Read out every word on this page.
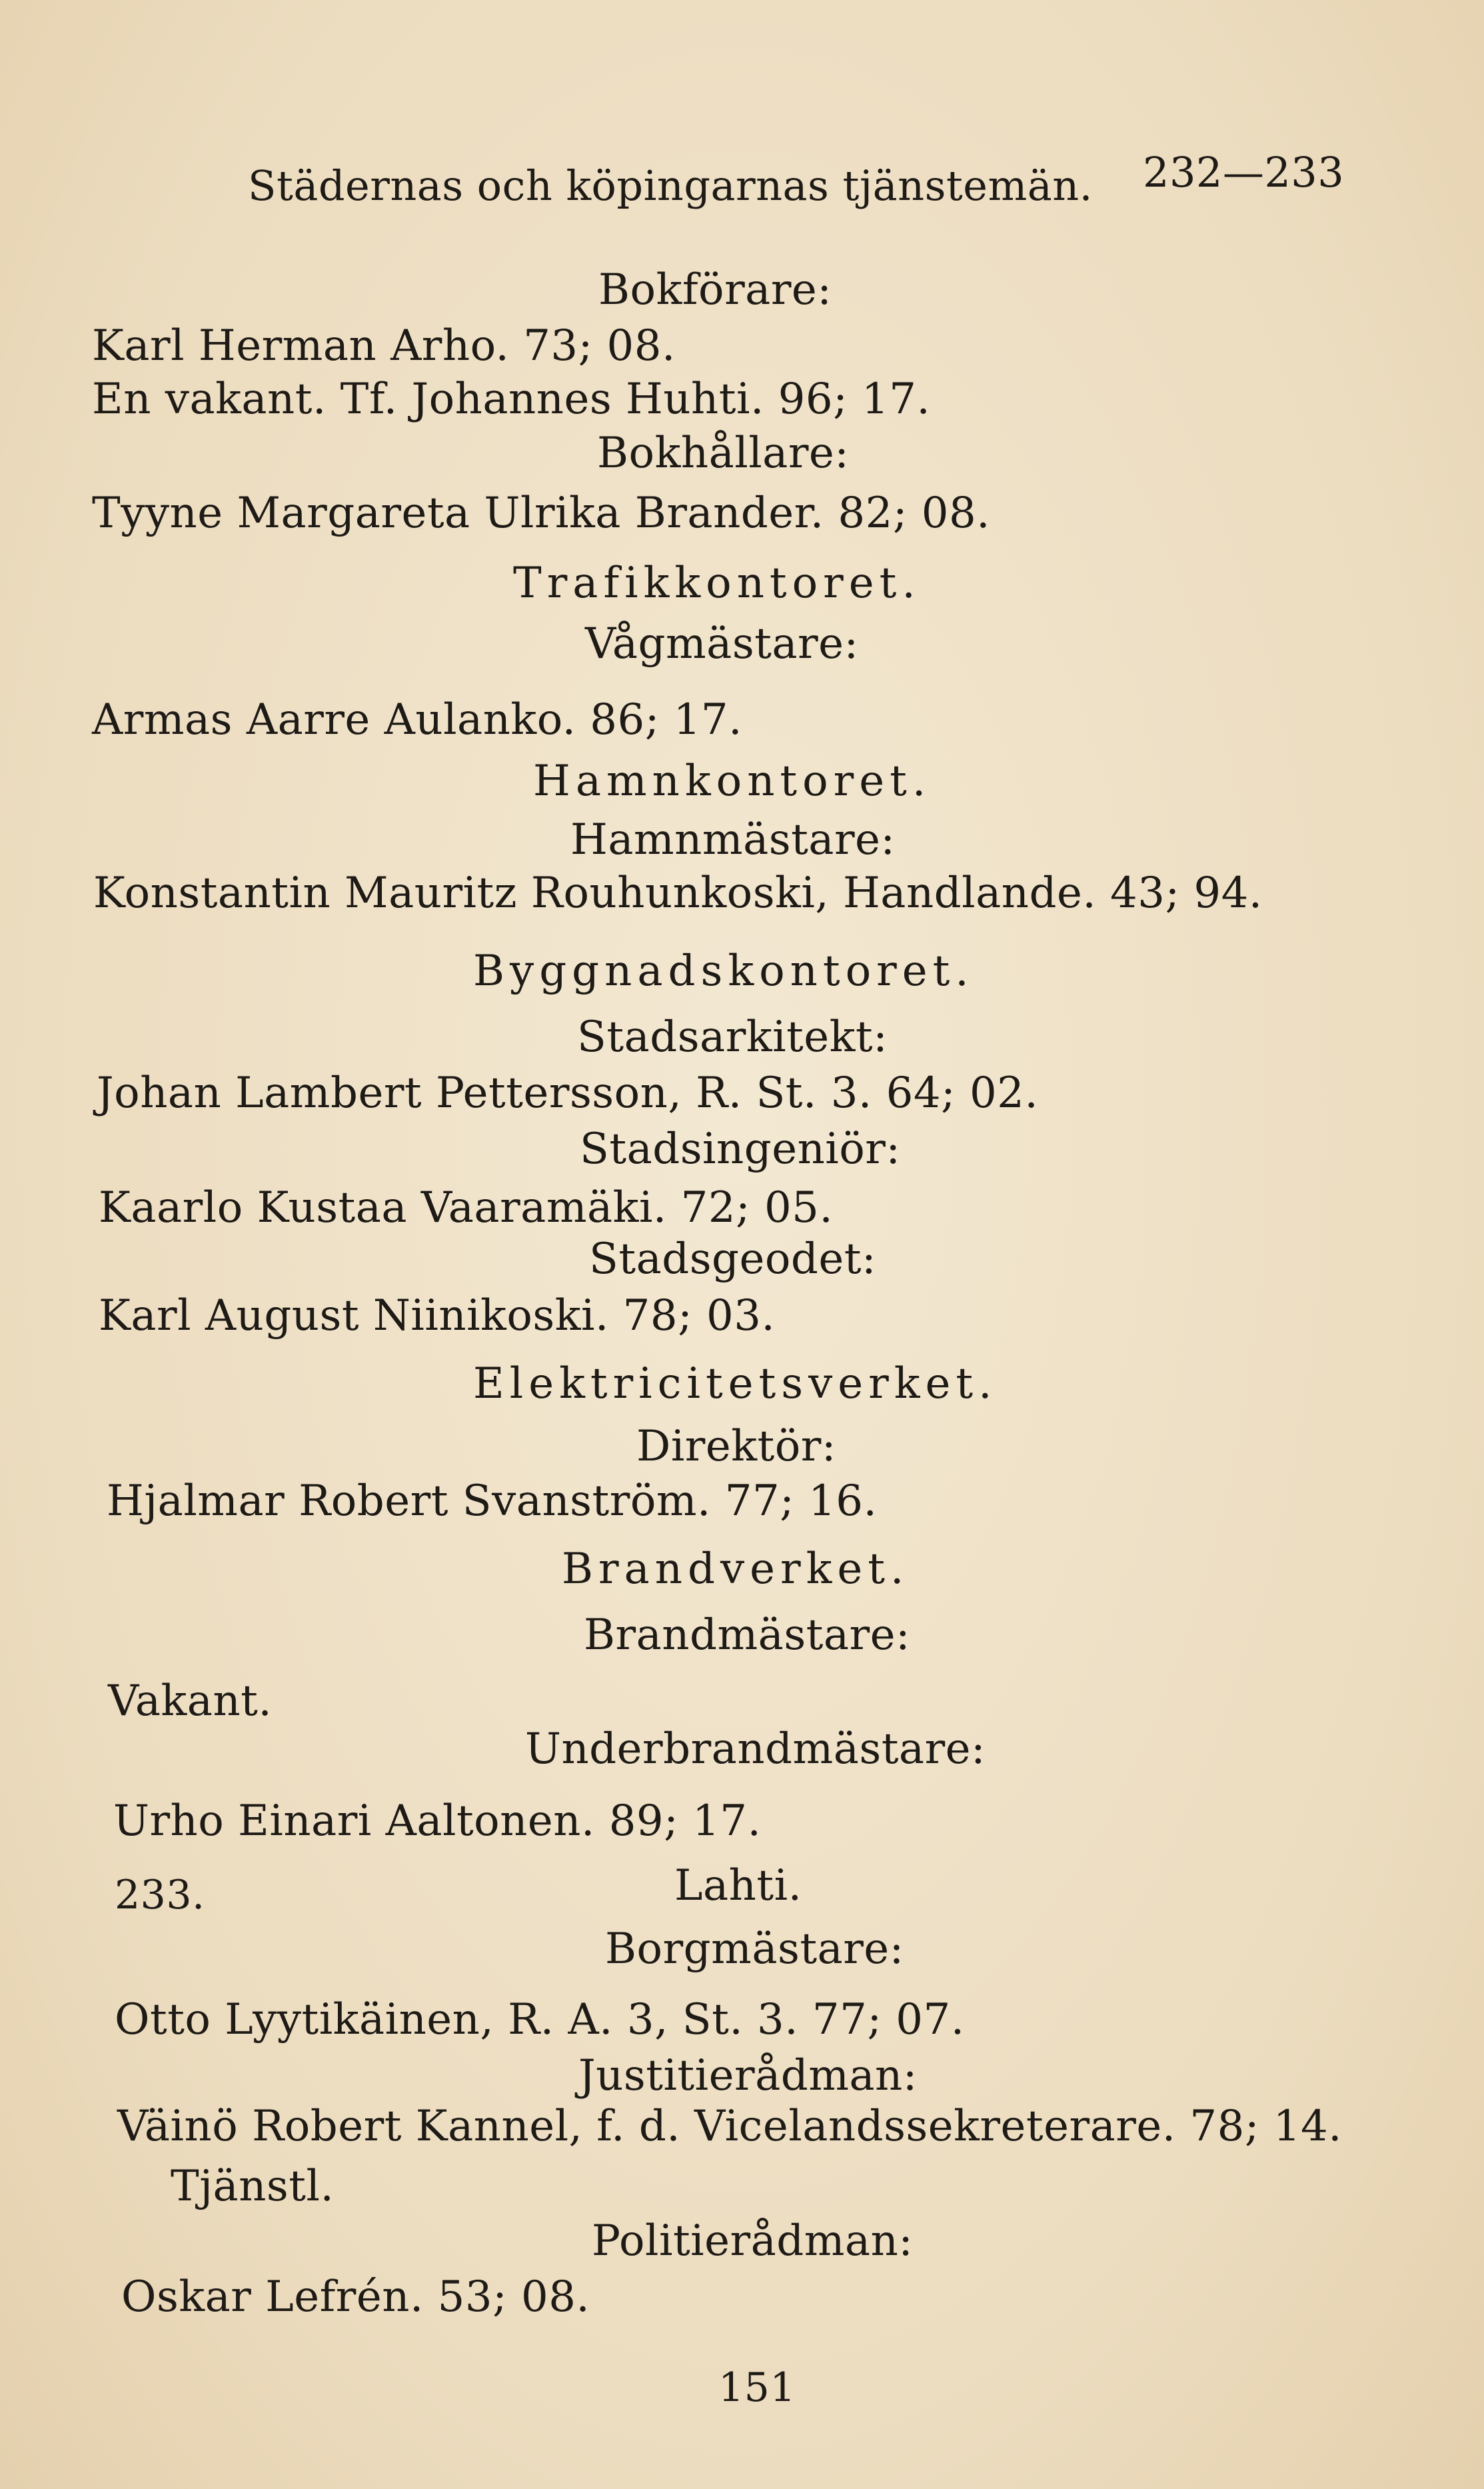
Städernas och köpingarnas tjänstemän. 232—233
Bokförare:
Karl Herman Arho. 73; 08.
En vakant. Tf. Johannes Huhti. 96; 17.
Bokhållare:
Tyyne Margareta Ulrika Brander. 82; 08.
Trafikkontoret.
Vågmästare:
Armas Aarre Aulanko. 86; 17.
Hamnkontoret.
Hamnmästare:
Konstantin Mauritz Rouhunkoski, Handlande. 43; 94.
Byggnadskontoret.
Stadsarkitekt:
Johan Lambert Pettersson, R. St. 3. 64; 02.
Stadsingeniör:
Kaarlo Kustaa Vaaramäki. 72; 05.
Stadsgeodet:
Karl August Niinikoski. 78; 03.
Elektricitetsverket.
Direktör:
Hjalmar Robert Svanström. 77; 16.
Brandverket.
Brandmästare:
Vakant.
Underbrandmästare:
Urho Einari Aaltonen. 89; 17.
233.	Lahti.
Borgmästare:
Otto Lyytikäinen, R. A. 3, St. 3. 77; 07.
Justitierådman:
Väinö Robert Kannel, f. d. Vicelandssekreterare. 78; 14.
Tjänstl.
Politierådman:
Oskar Lefrén. 53; 08.
151
